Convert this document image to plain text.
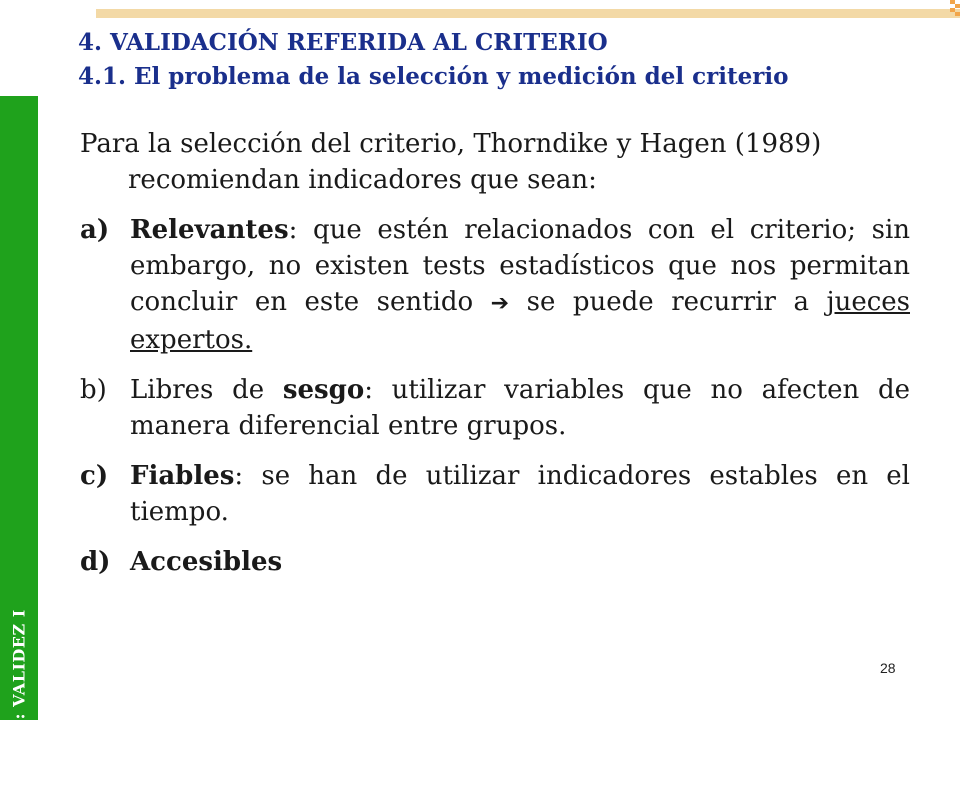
TEMA 6.1: VALIDEZ I
4. VALIDACIÓN REFERIDA AL CRITERIO
4.1. El problema de la selección y medición del criterio

Para la selección del criterio, Thorndike y Hagen (1989) recomiendan indicadores que sean:

a) Relevantes: que estén relacionados con el criterio; sin embargo, no existen tests estadísticos que nos permitan concluir en este sentido ➔ se puede recurrir a jueces expertos.
b) Libres de sesgo: utilizar variables que no afecten de manera diferencial entre grupos.
c) Fiables: se han de utilizar indicadores estables en el tiempo.
d) Accesibles
28
